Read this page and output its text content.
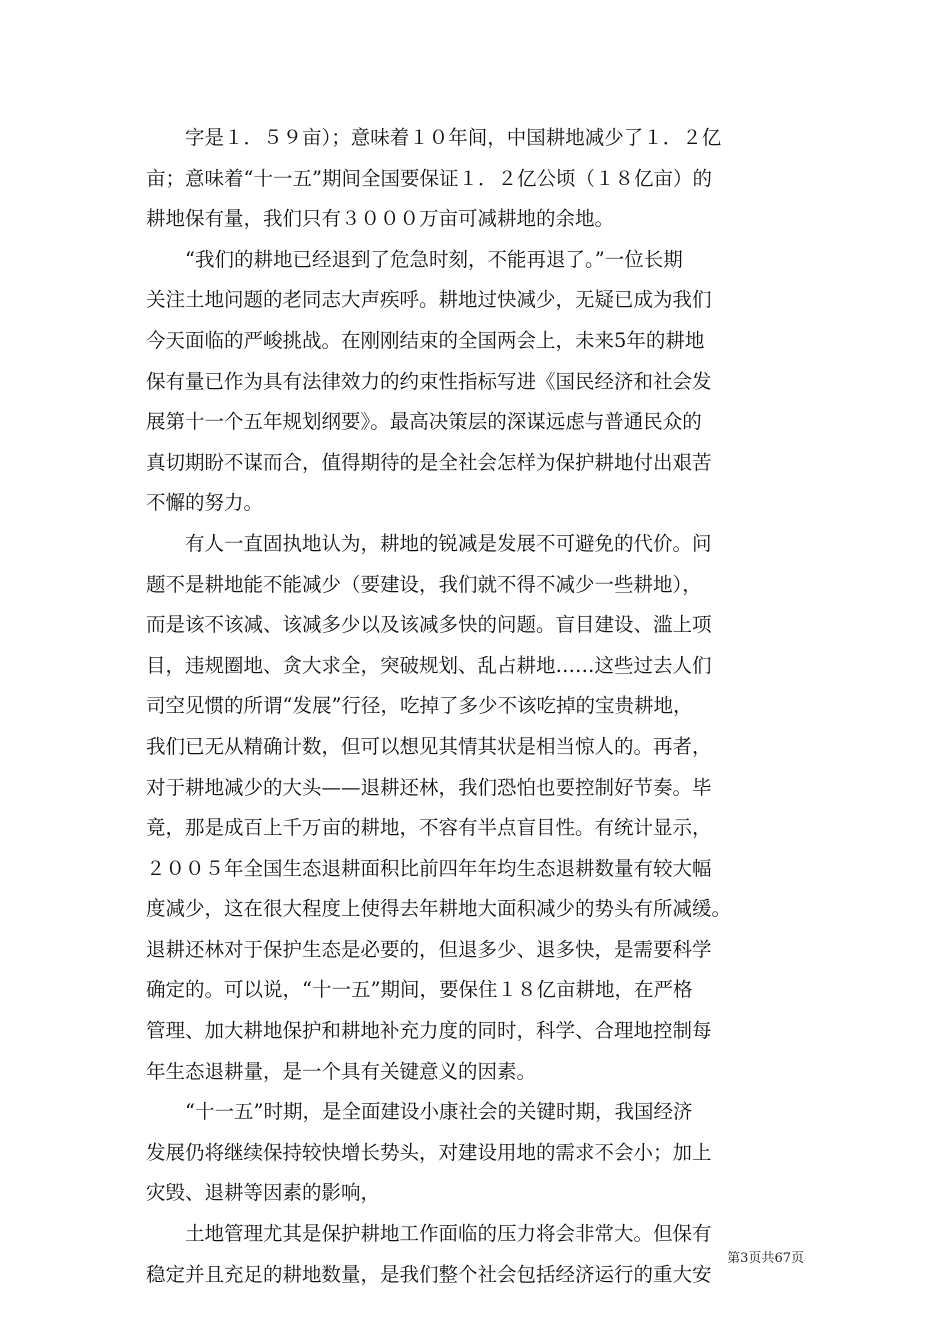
　　字是１．５９亩）；意味着１０年间，中国耕地减少了１．２亿
亩；意味着“十一五”期间全国要保证１．２亿公顷（１８亿亩）的
耕地保有量，我们只有３０００万亩可减耕地的余地。
　　“我们的耕地已经退到了危急时刻，不能再退了。”一位长期
关注土地问题的老同志大声疾呼。耕地过快减少，无疑已成为我们
今天面临的严峻挑战。在刚刚结束的全国两会上，未来5年的耕地
保有量已作为具有法律效力的约束性指标写进《国民经济和社会发
展第十一个五年规划纲要》。最高决策层的深谋远虑与普通民众的
真切期盼不谋而合，值得期待的是全社会怎样为保护耕地付出艰苦
不懈的努力。
　　有人一直固执地认为，耕地的锐减是发展不可避免的代价。问
题不是耕地能不能减少（要建设，我们就不得不减少一些耕地），
而是该不该减、该减多少以及该减多快的问题。盲目建设、滥上项
目，违规圈地、贪大求全，突破规划、乱占耕地……这些过去人们
司空见惯的所谓“发展”行径，吃掉了多少不该吃掉的宝贵耕地，
我们已无从精确计数，但可以想见其情其状是相当惊人的。再者，
对于耕地减少的大头——退耕还林，我们恐怕也要控制好节奏。毕
竟，那是成百上千万亩的耕地，不容有半点盲目性。有统计显示，
２００５年全国生态退耕面积比前四年年均生态退耕数量有较大幅
度减少，这在很大程度上使得去年耕地大面积减少的势头有所减缓。
退耕还林对于保护生态是必要的，但退多少、退多快，是需要科学
确定的。可以说，“十一五”期间，要保住１８亿亩耕地，在严格
管理、加大耕地保护和耕地补充力度的同时，科学、合理地控制每
年生态退耕量，是一个具有关键意义的因素。
　　“十一五”时期，是全面建设小康社会的关键时期，我国经济
发展仍将继续保持较快增长势头，对建设用地的需求不会小；加上
灾毁、退耕等因素的影响，
　　土地管理尤其是保护耕地工作面临的压力将会非常大。但保有
稳定并且充足的耕地数量，是我们整个社会包括经济运行的重大安
第3页共67页
